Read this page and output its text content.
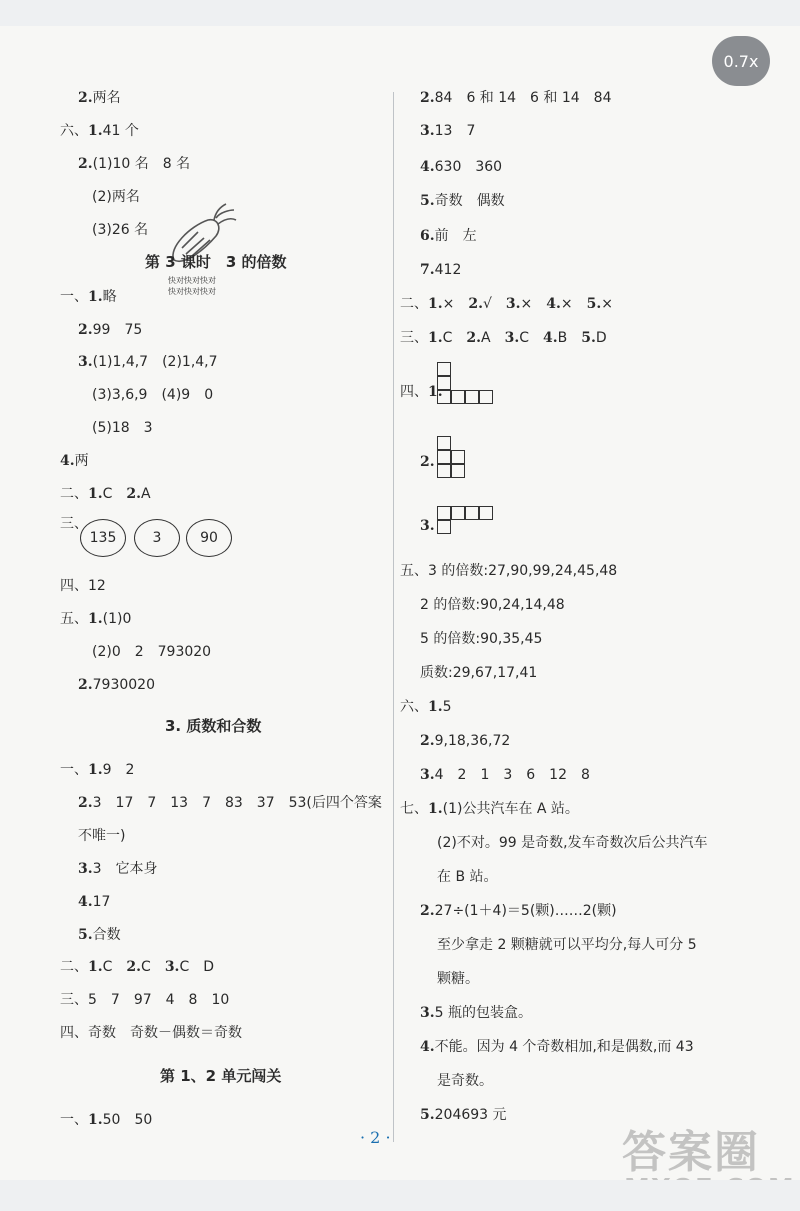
0.7x
快对快对快对
快对快对快对
第 3 课时　3 的倍数
3. 质数和合数
第 1、2 单元闯关
2.两名
六、1.41 个
2.(1)10 名　8 名
(2)两名
(3)26 名
一、1.略
2.99　75
3.(1)1,4,7　(2)1,4,7
(3)3,6,9　(4)9　0
(5)18　3
4.两
二、1.C　2.A
三、
135	3	90
四、12
五、1.(1)0
(2)0　2　793020
2.7930020
一、1.9　2
2.3　17　7　13　7　83　37　53(后四个答案
不唯一)
3.3　它本身
4.17
5.合数
二、1.C　2.C　3.C　D
三、5　7　97　4　8　10
四、奇数　奇数－偶数＝奇数
一、1.50　50
2.84　6 和 14　6 和 14　84
3.13　7
4.630　360
5.奇数　偶数
6.前　左
7.412
二、1.×　2.√　3.×　4.×　5.×
三、1.C　2.A　3.C　4.B　5.D
四、1.
2.
3.
五、3 的倍数:27,90,99,24,45,48
2 的倍数:90,24,14,48
5 的倍数:90,35,45
质数:29,67,17,41
六、1.5
2.9,18,36,72
3.4　2　1　3　6　12　8
七、1.(1)公共汽车在 A 站。
(2)不对。99 是奇数,发车奇数次后公共汽车
在 B 站。
2.27÷(1＋4)＝5(颗)……2(颗)
至少拿走 2 颗糖就可以平均分,每人可分 5
颗糖。
3.5 瓶的包装盒。
4.不能。因为 4 个奇数相加,和是偶数,而 43
是奇数。
5.204693 元
· 2 ·	答案圈
